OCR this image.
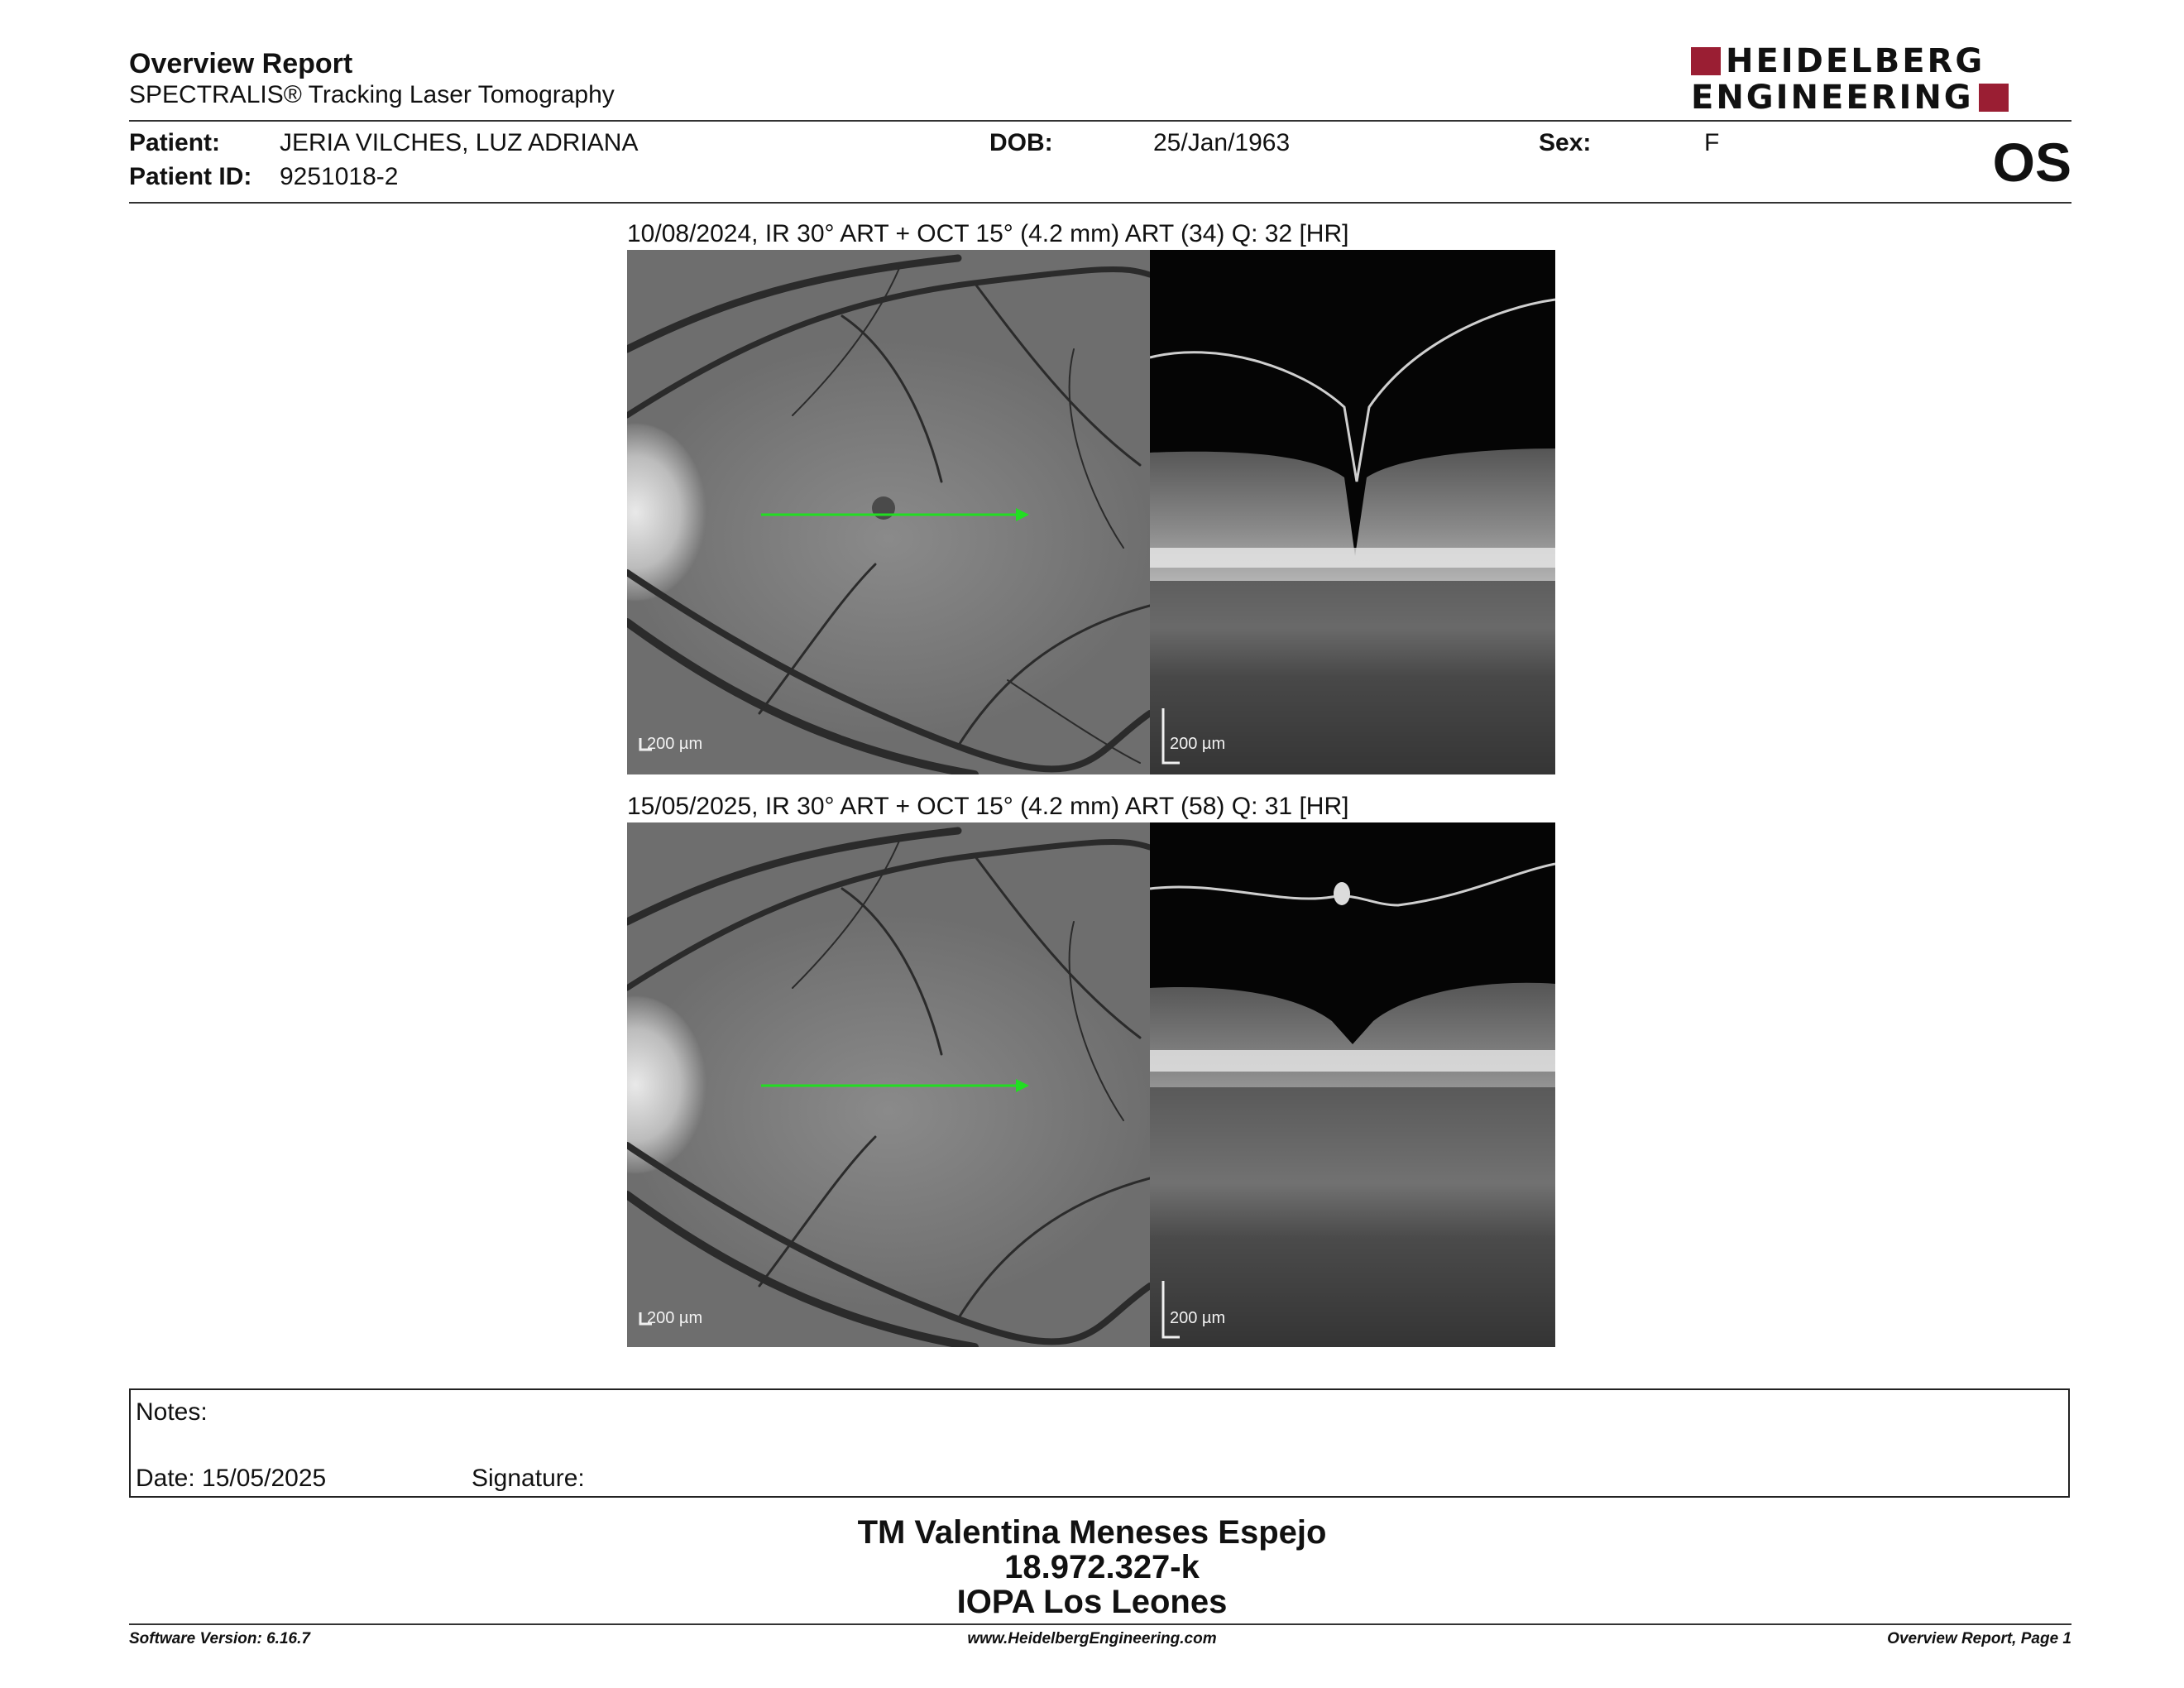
Overview Report
SPECTRALIS® Tracking Laser Tomography
HEIDELBERG
ENGINEERING
Patient: JERIA VILCHES, LUZ ADRIANA
Patient ID: 9251018-2
DOB:	25/Jan/1963	Sex:	F	OS
10/08/2024, IR 30° ART + OCT 15° (4.2 mm) ART (34) Q: 32 [HR]
200 µm	200 µm
15/05/2025, IR 30° ART + OCT 15° (4.2 mm) ART (58) Q: 31 [HR]
200 µm	200 µm
Notes:
Date: 15/05/2025	Signature:
TM Valentina Meneses Espejo
18.972.327-k
IOPA Los Leones
Software Version: 6.16.7	www.HeidelbergEngineering.com	Overview Report, Page 1
